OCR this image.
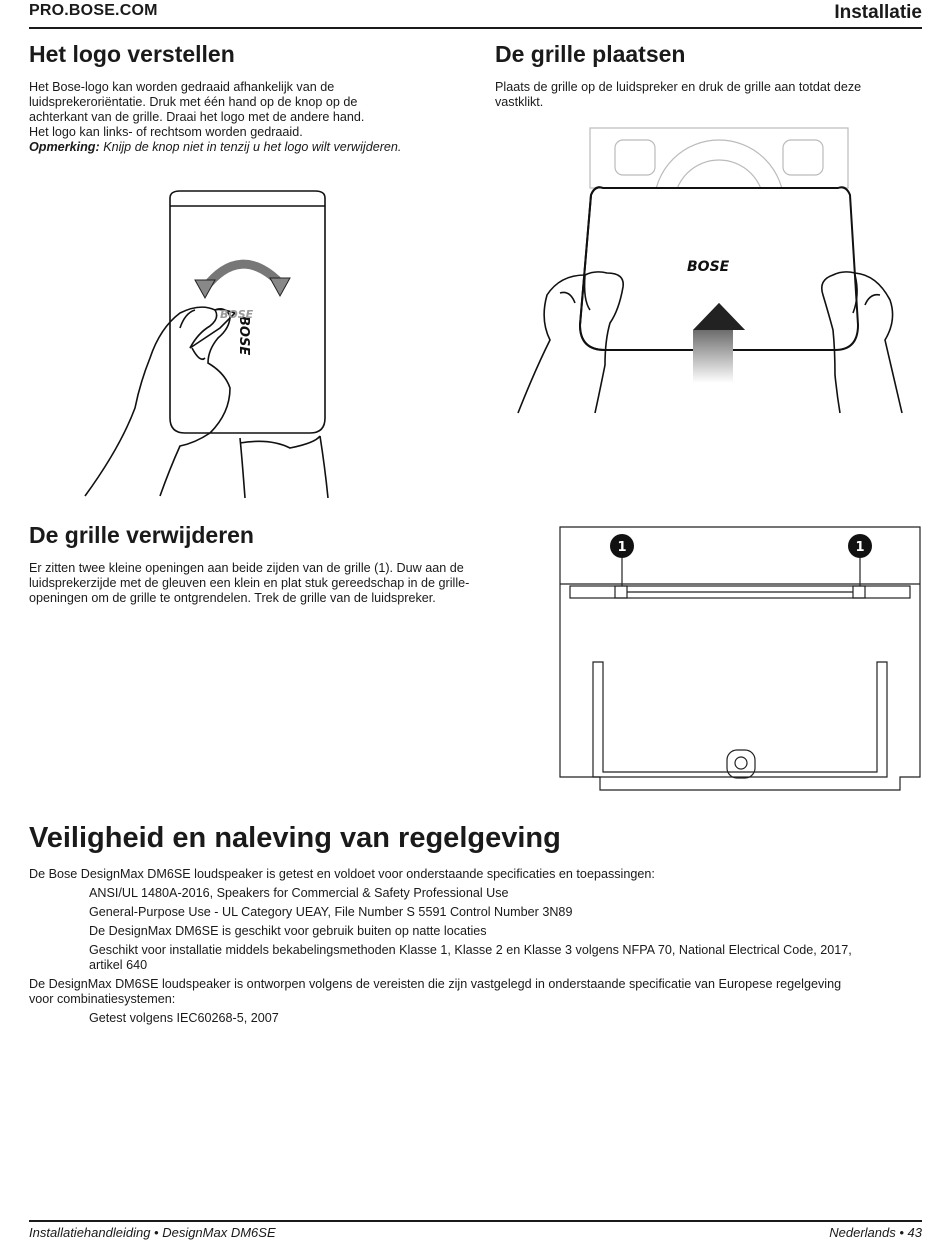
PRO.BOSE.COM	Installatie
Het logo verstellen
Het Bose-logo kan worden gedraaid afhankelijk van de
luidsprekeroriëntatie. Druk met één hand op de knop op de
achterkant van de grille. Draai het logo met de andere hand.
Het logo kan links- of rechtsom worden gedraaid.
Opmerking: Knijp de knop niet in tenzij u het logo wilt verwijderen.
BOSE
BOSE
De grille plaatsen
Plaats de grille op de luidspreker en druk de grille aan totdat deze
vastklikt.
BOSE
De grille verwijderen
Er zitten twee kleine openingen aan beide zijden van de grille (1). Duw aan de
luidsprekerzijde met de gleuven een klein en plat stuk gereedschap in de grille-
openingen om de grille te ontgrendelen. Trek de grille van de luidspreker.
1	1
Veiligheid en naleving van regelgeving

De Bose DesignMax DM6SE loudspeaker is getest en voldoet voor onderstaande specificaties en toepassingen:

ANSI/UL 1480A-2016, Speakers for Commercial & Safety Professional Use

General-Purpose Use - UL Category UEAY, File Number S 5591 Control Number 3N89

De DesignMax DM6SE is geschikt voor gebruik buiten op natte locaties

Geschikt voor installatie middels bekabelingsmethoden Klasse 1, Klasse 2 en Klasse 3 volgens NFPA 70, National Electrical Code, 2017,
artikel 640
De DesignMax DM6SE loudspeaker is ontworpen volgens de vereisten die zijn vastgelegd in onderstaande specificatie van Europese regelgeving
voor combinatiesystemen:

Getest volgens IEC60268-5, 2007

Installatiehandleiding • DesignMax DM6SE	Nederlands • 43
